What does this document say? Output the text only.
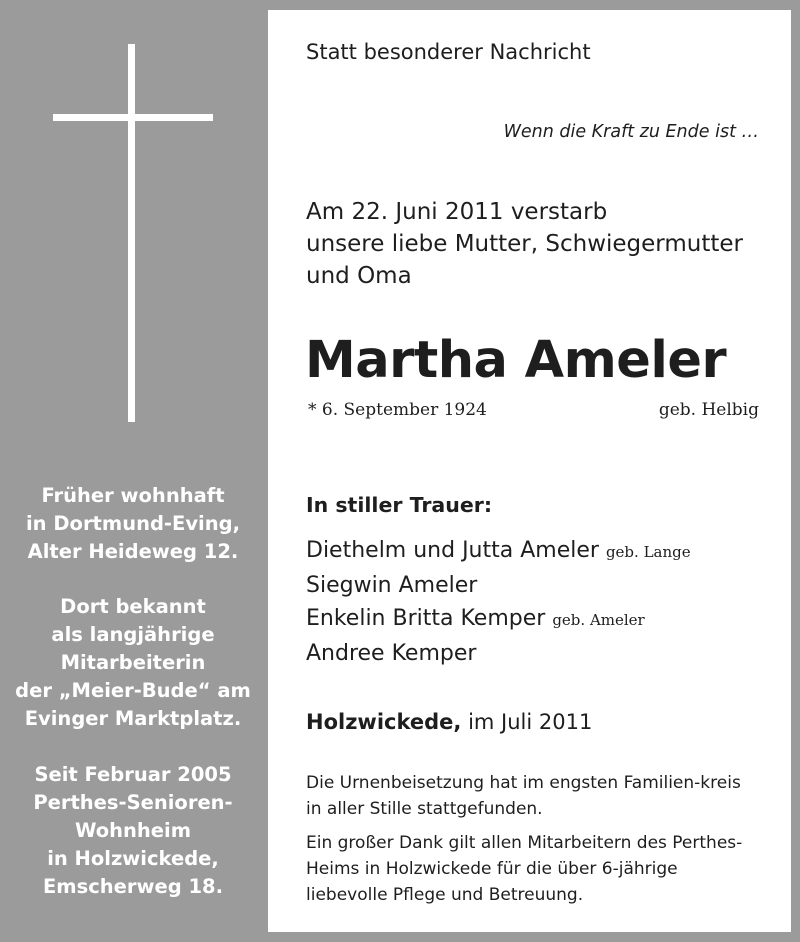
Früher wohnhaft
in Dortmund-Eving,
Alter Heideweg 12.
Dort bekannt
als langjährige
Mitarbeiterin
der „Meier-Bude“ am
Evinger Marktplatz.
Seit Februar 2005
Perthes-Senioren-
Wohnheim
in Holzwickede,
Emscherweg 18.
Statt besonderer Nachricht
Wenn die Kraft zu Ende ist …
Am 22. Juni 2011 verstarb
unsere liebe Mutter, Schwiegermutter
und Oma
Martha Ameler
* 6. September 1924	geb. Helbig
In stiller Trauer:
Diethelm und Jutta Ameler geb. Lange
Siegwin Ameler
Enkelin Britta Kemper geb. Ameler
Andree Kemper
Holzwickede, im Juli 2011
Die Urnenbeisetzung hat im engsten Familien-kreis in aller Stille stattgefunden.
Ein großer Dank gilt allen Mitarbeitern des Perthes-Heims in Holzwickede für die über 6-jährige liebevolle Pflege und Betreuung.
